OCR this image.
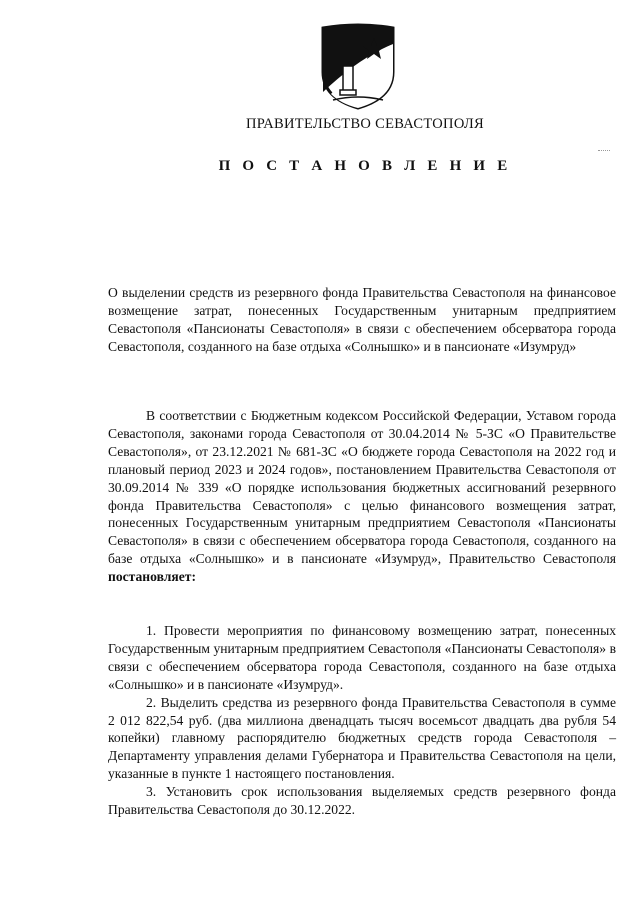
ПРАВИТЕЛЬСТВО СЕВАСТОПОЛЯ
П О С Т А Н О В Л Е Н И Е

О выделении средств из резервного фонда Правительства Севастополя на финансовое возмещение затрат, понесенных Государственным унитарным предприятием Севастополя «Пансионаты Севастополя» в связи с обеспечением обсерватора города Севастополя, созданного на базе отдыха «Солнышко» и в пансионате «Изумруд»

В соответствии с Бюджетным кодексом Российской Федерации, Уставом города Севастополя, законами города Севастополя от 30.04.2014 № 5-ЗС «О Правительстве Севастополя», от 23.12.2021 № 681-ЗС «О бюджете города Севастополя на 2022 год и плановый период 2023 и 2024 годов», постановлением Правительства Севастополя от 30.09.2014 № 339 «О порядке использования бюджетных ассигнований резервного фонда Правительства Севастополя» с целью финансового возмещения затрат, понесенных Государственным унитарным предприятием Севастополя «Пансионаты Севастополя» в связи с обеспечением обсерватора города Севастополя, созданного на базе отдыха «Солнышко» и в пансионате «Изумруд», Правительство Севастополя постановляет:

1. Провести мероприятия по финансовому возмещению затрат, понесенных Государственным унитарным предприятием Севастополя «Пансионаты Севастополя» в связи с обеспечением обсерватора города Севастополя, созданного на базе отдыха «Солнышко» и в пансионате «Изумруд».

2. Выделить средства из резервного фонда Правительства Севастополя в сумме 2 012 822,54 руб. (два миллиона двенадцать тысяч восемьсот двадцать два рубля 54 копейки) главному распорядителю бюджетных средств города Севастополя – Департаменту управления делами Губернатора и Правительства Севастополя на цели, указанные в пункте 1 настоящего постановления.

3. Установить срок использования выделяемых средств резервного фонда Правительства Севастополя до 30.12.2022.
